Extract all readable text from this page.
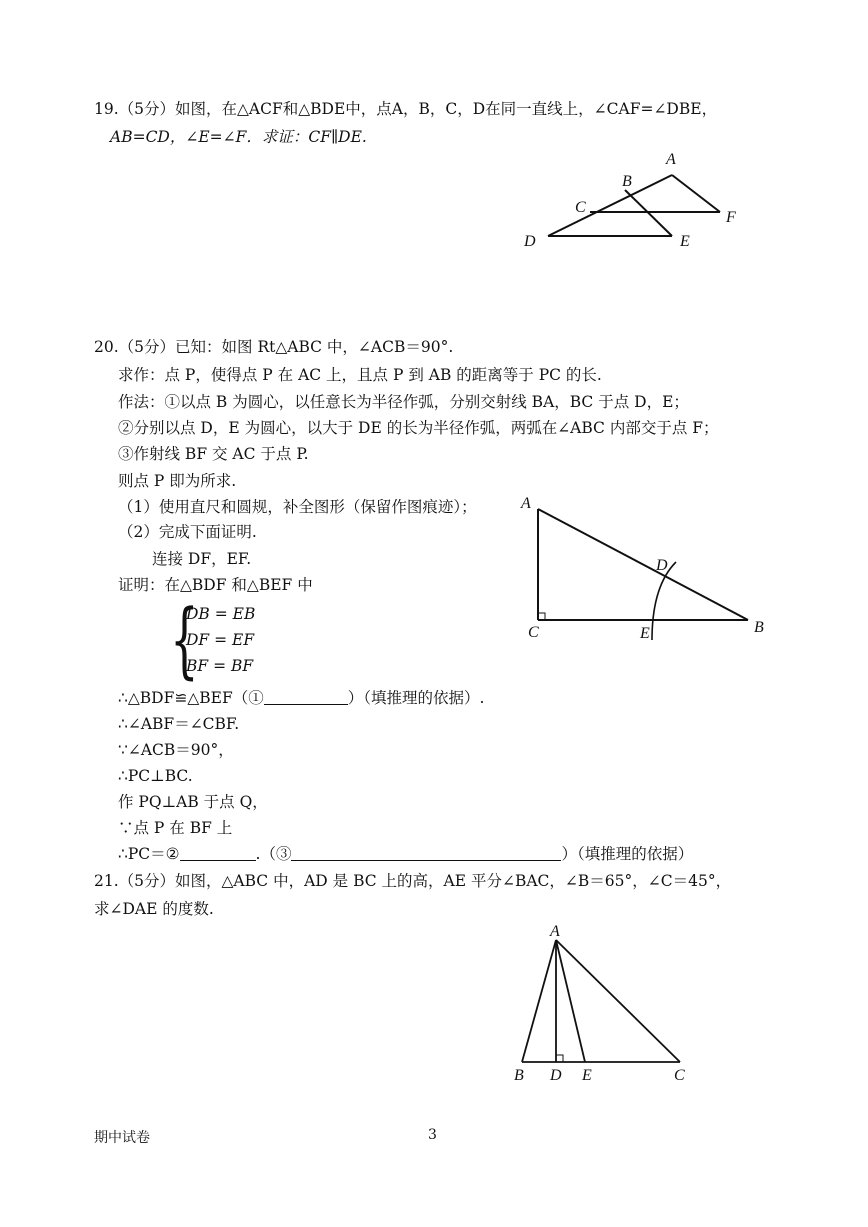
19.（5分）如图，在△ACF和△BDE中，点A，B，C，D在同一直线上，∠CAF=∠DBE，
AB=CD，∠E=∠F．求证：CF∥DE.
A
B
C
D	E
F
20.（5分）已知：如图 Rt△ABC 中，∠ACB＝90°.
求作：点 P，使得点 P 在 AC 上，且点 P 到 AB 的距离等于 PC 的长.
作法：①以点 B 为圆心，以任意长为半径作弧，分别交射线 BA，BC 于点 D，E；
②分别以点 D，E 为圆心，以大于 DE 的长为半径作弧，两弧在∠ABC 内部交于点 F；
③作射线 BF 交 AC 于点 P.
则点 P 即为所求.
（1）使用直尺和圆规，补全图形（保留作图痕迹）；
（2）完成下面证明.
连接 DF，EF.
证明：在△BDF 和△BEF 中
{
DB = EB
DF = EF
BF = BF
∴△BDF≌△BEF（①	）（填推理的依据）.
∴∠ABF＝∠CBF.
∵∠ACB＝90°，
∴PC⊥BC.
作 PQ⊥AB 于点 Q，
∵点 P 在 BF 上
∴PC＝②	.（③	）（填推理的依据）
A
B
C
D
E
21.（5分）如图，△ABC 中，AD 是 BC 上的高，AE 平分∠BAC，∠B＝65°，∠C＝45°，
求∠DAE 的度数.
A
B D E	C
期中试卷	3
